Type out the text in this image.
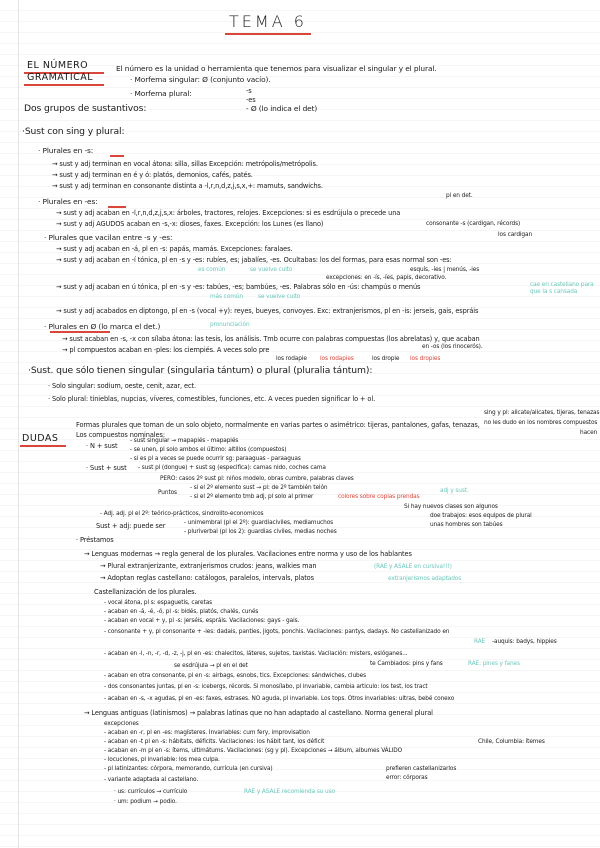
TEMA 6
EL NÚMERO
GRAMATICAL
El número es la unidad o herramienta que tenemos para visualizar el singular y el plural.
· Morfema singular: Ø (conjunto vacío).
· Morfema plural:	-s
-es
- Ø (lo indica el det)
Dos grupos de sustantivos:
·Sust con sing y plural:
· Plurales en -s:
→ sust y adj terminan en vocal átona: silla, sillas Excepción: metrópolis/metrópolis.
→ sust y adj terminan en é y ó: platós, demonios, cafés, patés.
→ sust y adj terminan en consonante distinta a -l,r,n,d,z,j,s,x,+: mamuts, sandwichs.
· Plurales en -es:
pl en det.
→ sust y adj acaban en -l,r,n,d,z,j,s,x: árboles, tractores, relojes. Excepciones: si es esdrújula o precede una
→ sust y adj AGUDOS acaban en -s,-x: dioses, faxes. Excepción: los Lunes (es llano)	consonante -s (cardigan, récords)
los cardigan
· Plurales que vacilan entre -s y -es:
→ sust y adj acaban en -á, pl en -s: papás, mamás. Excepciones: faralaes.
→ sust y adj acaban en -í tónica, pl en -s y -es: rubíes, es; jabalíes, -es. Ocultabas: los del formas, para esas normal son -es:
es común	se vuelve culto	esquís, -íes | menús, -ies
excepciones: en -ís, -íes, papis, decorativo.
→ sust y adj acaban en ú tónica, pl en -s y -es: tabúes, -es; bambúes, -es. Palabras sólo en -ús: champús o menús
más común	se vuelve culto
cae en castellano para que la s cansada
→ sust y adj acabados en diptongo, pl en -s (vocal +y): reyes, bueyes, convoyes. Exc: extranjerismos, pl en -is: jerseis, gais, espráis
· Plurales en Ø (lo marca el det.)	pronunciación
→ sust acaban en -s, -x con sílaba átona: las tesis, los análisis. Tmb ocurre con palabras compuestas (los abrelatas) y, que acaban
en -os (los rinocerós).
→ pl compuestos acaban en -ples: los ciempiés. A veces solo pre
los rodapie los rodapies	los dropie los dropies
·Sust. que sólo tienen singular (singularia tántum) o plural (pluralia tántum):
· Solo singular: sodium, oeste, cenit, azar, ect.
· Solo plural: tinieblas, nupcias, víveres, comestibles, funciones, etc. A veces pueden significar lo + ol.
DUDAS
Formas plurales que toman de un solo objeto, normalmente en varias partes o asimétrico: tijeras, pantalones, gafas, tenazas,
sing y pl: alicate/alicates, tijeras, tenazas
no les dudo en los nombres compuestos
hacen
Los compuestos nominales:
· N + sust
- sust singular → mapapiés - mapapiés
- se unen, pl solo ambos el último: altillos (compuestos)
- si es pl a veces se puede ocurrir sg: paraaguas - paraaguas
· Sust + sust - sust pl (dongue) + sust sg (especifica): camas nido, coches cama
PERO: casos 2º sust pl: niños modelo, obras cumbre, palabras claves
Puntos
- si el 2º elemento sust → pl: de 2º también telón
- si el 2º elemento tmb adj, pl solo al primer	colores sobre copias prendas
adj y sust.
- Adj. adj. pl el 2º: teórico-prácticos, sindrolito-economicos
Si hay nuevos clases son algunos
doe trabajos: esos equipos de plural
unas hombres son tabúes
Sust + adj: puede ser	- unimembral (pl el 2º): guardiaciviles, mediamuchos
- pluriverbal (pl los 2): guardias civiles, medias noches
· Préstamos
→ Lenguas modernas → regla general de los plurales. Vacilaciones entre norma y uso de los hablantes
→ Plural extranjerizante, extranjerismos crudos: jeans, walkies man	(RAE y ASALE en cursiva!!!)
→ Adoptan reglas castellano: catálogos, paralelos, intervals, platos	extranjerismos adaptados
Castellanización de los plurales.
- vocal átona, pl s: espaguetis, caretas
- acaban en -á, -é, -ó, pl -s: bidés, platós, chalés, cunés
- acaban en vocal + y, pl -s: jerséis, espráis. Vacilaciones: gays - gais.
- consonante + y, pl consonante + -ies: dadais, panties, jigots, ponchis. Vacilaciones: pantys, dadays. No castellanizado en
RAE -auquis: badys, hippies
- acaban en -l, -n, -r, -d, -z, -j, pl en -es: chalecitos, láteres, sujetos, taxistas. Vacilación: misters, eslóganes...
se esdrújula → pl en el det	te Cambiados: pins y fans	RAE: pines y fanes
- acaban en otra consonante, pl en -s: airbags, esnobs, tics. Excepciones: sándwiches, clubes
- dos consonantes juntas, pl en -s: icebergs, récords. Si monosílabo, pl invariable, cambia articulo: los test, los tract
- acaban en -s, -x agudas, pl en -es: faxes, estrases. NO aguda, pl invariable. Los tops. Otros invariables: ultras, bebé conexo
→ Lenguas antiguas (latinismos) → palabras latinas que no han adaptado al castellano. Norma general plural
excepciones
- acaban en -r, pl en -es: magísteres. Invariables: cum fery, improvisation
- acaban en -t pl en -s: hábitats, déficits. Vacilaciones: los hábit tant, los déficit	Chile, Columbia: ítemes
- acaban en -m pl en -s: ítems, ultimátums. Vacilaciones: (sg y pl). Excepciones → álbum, albumes VÁLIDO
- locuciones, pl invariable: los mea culpa.
- pl latinizantes: córpora, memorando, currícula (en cursiva)	prefieren castellanizarlos
error: córporas
- variante adaptada al castellano.
· us: currículos → currículo	RAE y ASALE recomienda su uso
· um: podium → podio.
